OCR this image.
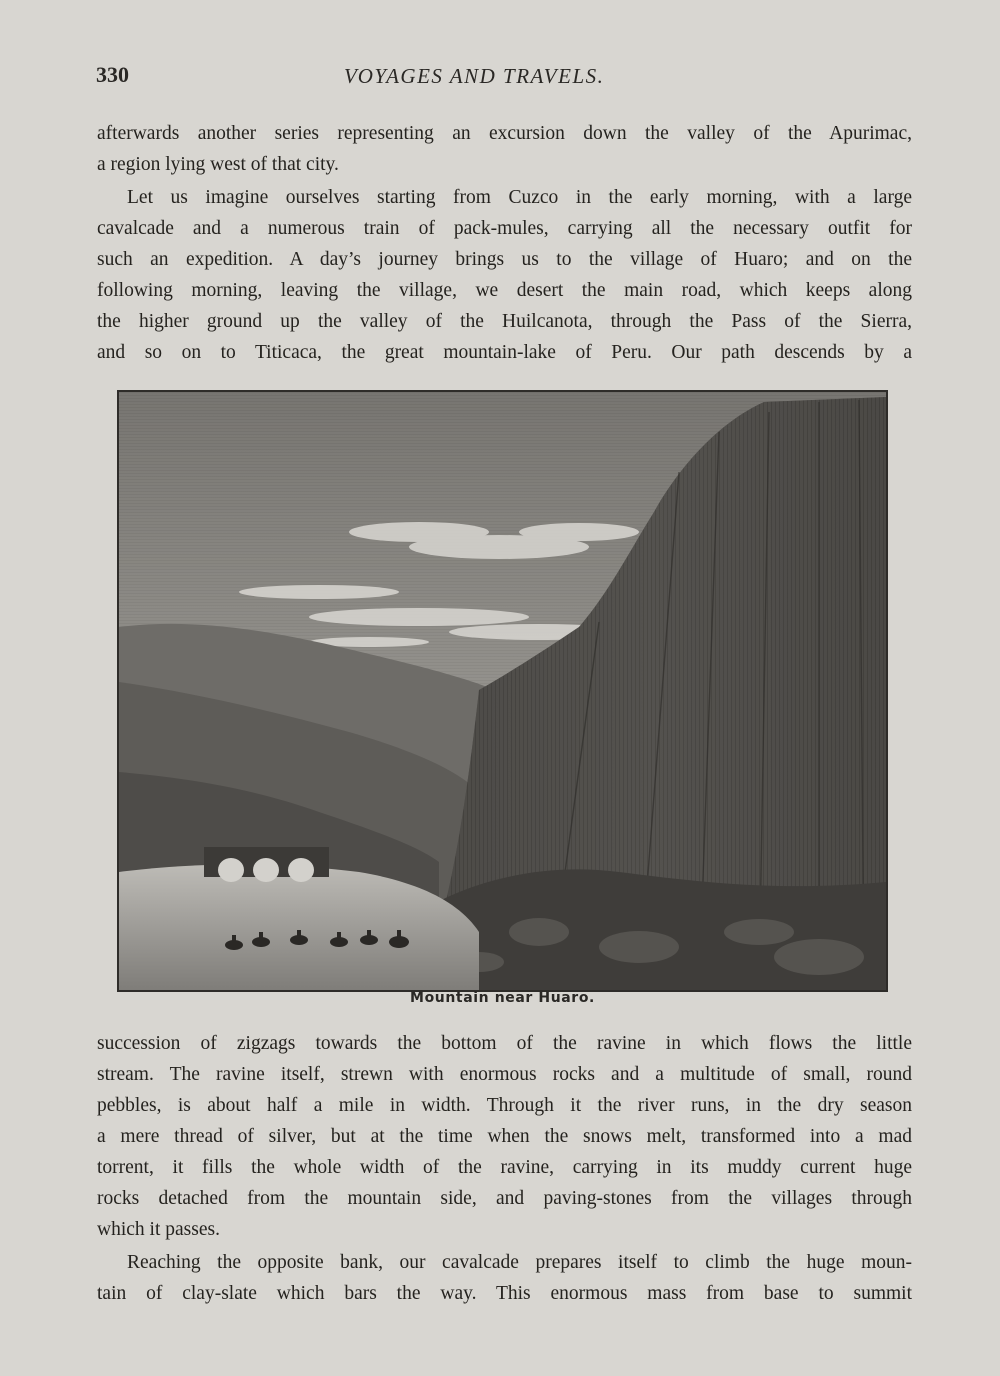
330	VOYAGES AND TRAVELS.

afterwards another series representing an excursion down the valley of the Apurimac,
a region lying west of that city.

Let us imagine ourselves starting from Cuzco in the early morning, with a large
cavalcade and a numerous train of pack-mules, carrying all the necessary outfit for
such an expedition. A day’s journey brings us to the village of Huaro; and on the
following morning, leaving the village, we desert the main road, which keeps along
the higher ground up the valley of the Huilcanota, through the Pass of the Sierra,
and so on to Titicaca, the great mountain-lake of Peru. Our path descends by a

Mountain near Huaro.

succession of zigzags towards the bottom of the ravine in which flows the little
stream. The ravine itself, strewn with enormous rocks and a multitude of small, round
pebbles, is about half a mile in width. Through it the river runs, in the dry season
a mere thread of silver, but at the time when the snows melt, transformed into a mad
torrent, it fills the whole width of the ravine, carrying in its muddy current huge
rocks detached from the mountain side, and paving-stones from the villages through
which it passes.

Reaching the opposite bank, our cavalcade prepares itself to climb the huge moun-
tain of clay-slate which bars the way. This enormous mass from base to summit
